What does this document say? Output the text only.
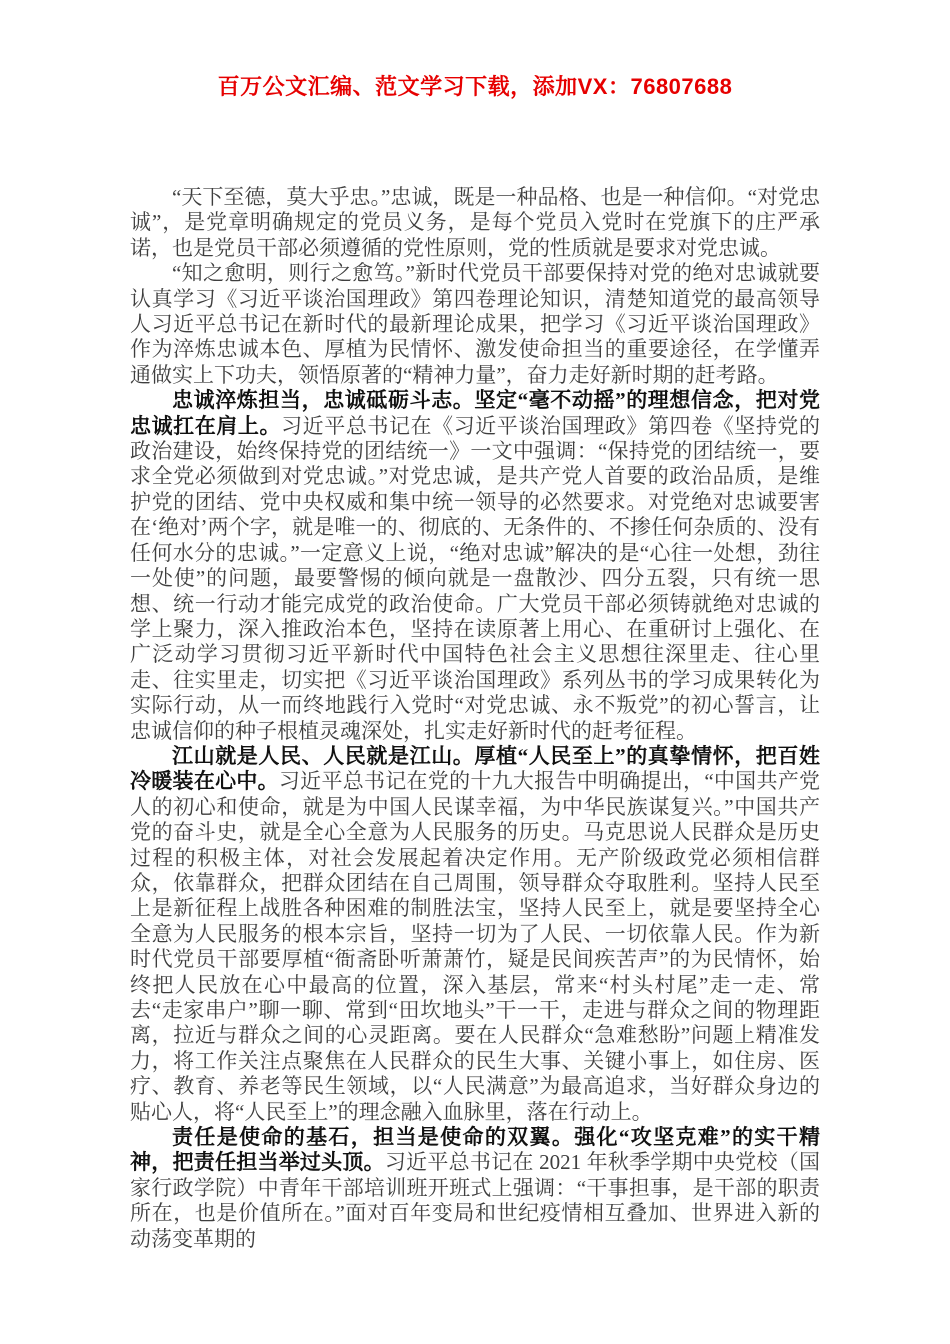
百万公文汇编、范文学习下载，添加VX：76807688

“天下至德，莫大乎忠。”忠诚，既是一种品格、也是一种信仰。“对党忠诚”，是党章明确规定的党员义务，是每个党员入党时在党旗下的庄严承诺，也是党员干部必须遵循的党性原则，党的性质就是要求对党忠诚。

“知之愈明，则行之愈笃。”新时代党员干部要保持对党的绝对忠诚就要认真学习《习近平谈治国理政》第四卷理论知识，清楚知道党的最高领导人习近平总书记在新时代的最新理论成果，把学习《习近平谈治国理政》作为淬炼忠诚本色、厚植为民情怀、激发使命担当的重要途径，在学懂弄通做实上下功夫，领悟原著的“精神力量”，奋力走好新时期的赶考路。

忠诚淬炼担当，忠诚砥砺斗志。坚定“毫不动摇”的理想信念，把对党忠诚扛在肩上。习近平总书记在《习近平谈治国理政》第四卷《坚持党的政治建设，始终保持党的团结统一》一文中强调：“保持党的团结统一，要求全党必须做到对党忠诚。”对党忠诚，是共产党人首要的政治品质，是维护党的团结、党中央权威和集中统一领导的必然要求。对党绝对忠诚要害在‘绝对’两个字，就是唯一的、彻底的、无条件的、不掺任何杂质的、没有任何水分的忠诚。”一定意义上说，“绝对忠诚”解决的是“心往一处想，劲往一处使”的问题，最要警惕的倾向就是一盘散沙、四分五裂，只有统一思想、统一行动才能完成党的政治使命。广大党员干部必须铸就绝对忠诚的学上聚力，深入推政治本色，坚持在读原著上用心、在重研讨上强化、在广泛动学习贯彻习近平新时代中国特色社会主义思想往深里走、往心里走、往实里走，切实把《习近平谈治国理政》系列丛书的学习成果转化为实际行动，从一而终地践行入党时“对党忠诚、永不叛党”的初心誓言，让忠诚信仰的种子根植灵魂深处，扎实走好新时代的赶考征程。

江山就是人民、人民就是江山。厚植“人民至上”的真挚情怀，把百姓冷暖装在心中。习近平总书记在党的十九大报告中明确提出，“中国共产党人的初心和使命，就是为中国人民谋幸福，为中华民族谋复兴。”中国共产党的奋斗史，就是全心全意为人民服务的历史。马克思说人民群众是历史过程的积极主体，对社会发展起着决定作用。无产阶级政党必须相信群众，依靠群众，把群众团结在自己周围，领导群众夺取胜利。坚持人民至上是新征程上战胜各种困难的制胜法宝，坚持人民至上，就是要坚持全心全意为人民服务的根本宗旨，坚持一切为了人民、一切依靠人民。作为新时代党员干部要厚植“衙斋卧听萧萧竹，疑是民间疾苦声”的为民情怀，始终把人民放在心中最高的位置，深入基层，常来“村头村尾”走一走、常去“走家串户”聊一聊、常到“田坎地头”干一干，走进与群众之间的物理距离，拉近与群众之间的心灵距离。要在人民群众“急难愁盼”问题上精准发力，将工作关注点聚焦在人民群众的民生大事、关键小事上，如住房、医疗、教育、养老等民生领域，以“人民满意”为最高追求，当好群众身边的贴心人，将“人民至上”的理念融入血脉里，落在行动上。

责任是使命的基石，担当是使命的双翼。强化“攻坚克难”的实干精神，把责任担当举过头顶。习近平总书记在 2021 年秋季学期中央党校（国家行政学院）中青年干部培训班开班式上强调：“干事担事，是干部的职责所在，也是价值所在。”面对百年变局和世纪疫情相互叠加、世界进入新的动荡变革期的
